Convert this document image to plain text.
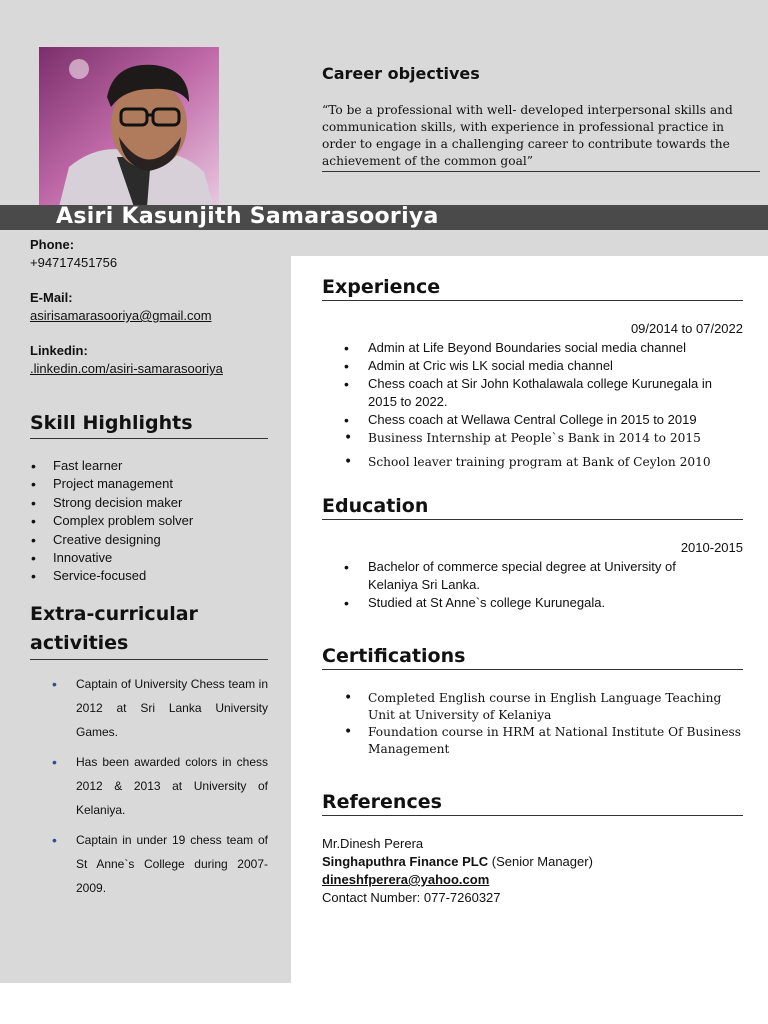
Asiri Kasunjith Samarasooriya
Career objectives
“To be a professional with well- developed interpersonal skills and communication skills, with experience in professional practice in order to engage in a challenging career to contribute towards the achievement of the common goal”
Phone:
+94717451756
E-Mail:
asirisamarasooriya@gmail.com
Linkedin:
.linkedin.com/asiri-samarasooriya
Skill Highlights
• Fast learner
• Project management
• Strong decision maker
• Complex problem solver
• Creative designing
• Innovative
• Service-focused
Extra-curricular
activities
• Captain of University Chess team in 2012 at Sri Lanka University Games.
• Has been awarded colors in chess 2012 & 2013 at University of Kelaniya.
• Captain in under 19 chess team of St Anne`s College during 2007-2009.
Experience
09/2014 to 07/2022
• Admin at Life Beyond Boundaries social media channel
• Admin at Cric wis LK social media channel
• Chess coach at Sir John Kothalawala college Kurunegala in 2015 to 2022.
• Chess coach at Wellawa Central College in 2015 to 2019
• Business Internship at People`s Bank in 2014 to 2015
• School leaver training program at Bank of Ceylon 2010
Education
2010-2015
• Bachelor of commerce special degree at University of Kelaniya Sri Lanka.
• Studied at St Anne`s college Kurunegala.
Certifications
• Completed English course in English Language Teaching Unit at University of Kelaniya
• Foundation course in HRM at National Institute Of Business Management
References
Mr.Dinesh Perera
Singhaputhra Finance PLC (Senior Manager)
dineshfperera@yahoo.com
Contact Number: 077-7260327
